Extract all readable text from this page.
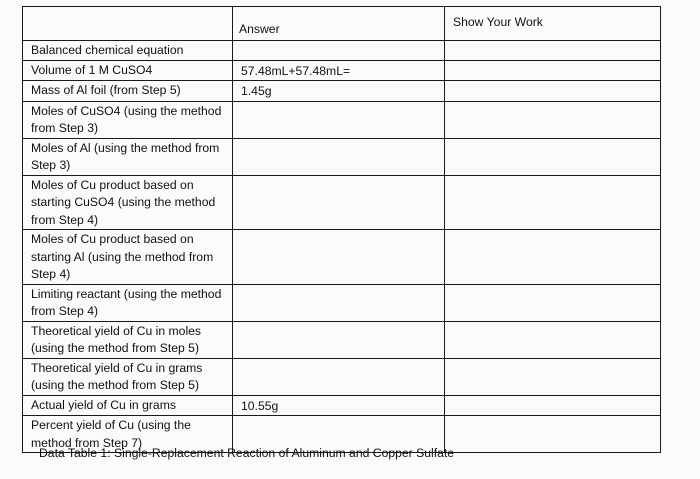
	Answer	Show Your Work
Balanced chemical equation		
Volume of 1 M CuSO4	57.48mL+57.48mL=	
Mass of Al foil (from Step 5)	1.45g	
Moles of CuSO4 (using the method from Step 3)		
Moles of Al (using the method from Step 3)		
Moles of Cu product based on starting CuSO4 (using the method from Step 4)		
Moles of Cu product based on starting Al (using the method from Step 4)		
Limiting reactant (using the method from Step 4)		
Theoretical yield of Cu in moles (using the method from Step 5)		
Theoretical yield of Cu in grams (using the method from Step 5)		
Actual yield of Cu in grams	10.55g	
Percent yield of Cu (using the method from Step 7)		
Data Table 1: Single-Replacement Reaction of Aluminum and Copper Sulfate
